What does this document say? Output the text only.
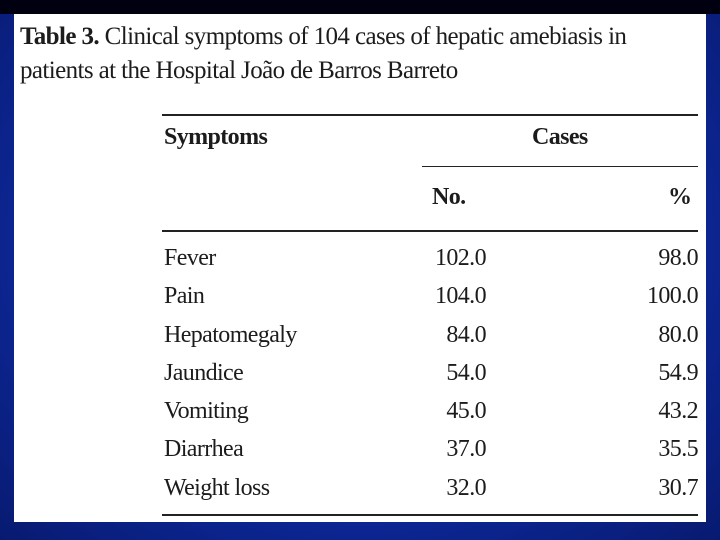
Table 3. Clinical symptoms of 104 cases of hepatic amebiasis in patients at the Hospital João de Barros Barreto
Symptoms	Cases
No.	%
Fever	102.0	98.0
Pain	104.0	100.0
Hepatomegaly	84.0	80.0
Jaundice	54.0	54.9
Vomiting	45.0	43.2
Diarrhea	37.0	35.5
Weight loss	32.0	30.7
